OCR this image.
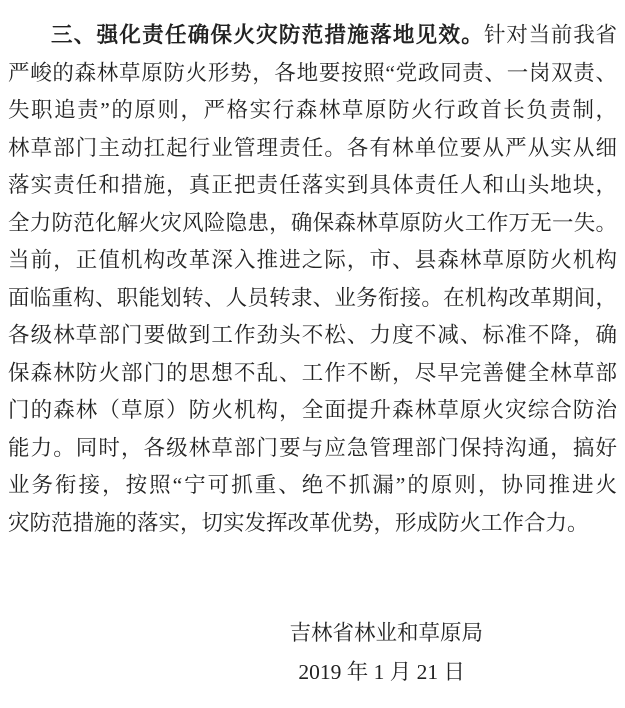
三、强化责任确保火灾防范措施落地见效。针对当前我省
严峻的森林草原防火形势，各地要按照“党政同责、一岗双责、
失职追责”的原则，严格实行森林草原防火行政首长负责制，
林草部门主动扛起行业管理责任。各有林单位要从严从实从细
落实责任和措施，真正把责任落实到具体责任人和山头地块，
全力防范化解火灾风险隐患，确保森林草原防火工作万无一失。
当前，正值机构改革深入推进之际，市、县森林草原防火机构
面临重构、职能划转、人员转隶、业务衔接。在机构改革期间，
各级林草部门要做到工作劲头不松、力度不减、标准不降，确
保森林防火部门的思想不乱、工作不断，尽早完善健全林草部
门的森林（草原）防火机构，全面提升森林草原火灾综合防治
能力。同时，各级林草部门要与应急管理部门保持沟通，搞好
业务衔接，按照“宁可抓重、绝不抓漏”的原则，协同推进火
灾防范措施的落实，切实发挥改革优势，形成防火工作合力。
吉林省林业和草原局
2019 年 1 月 21 日
